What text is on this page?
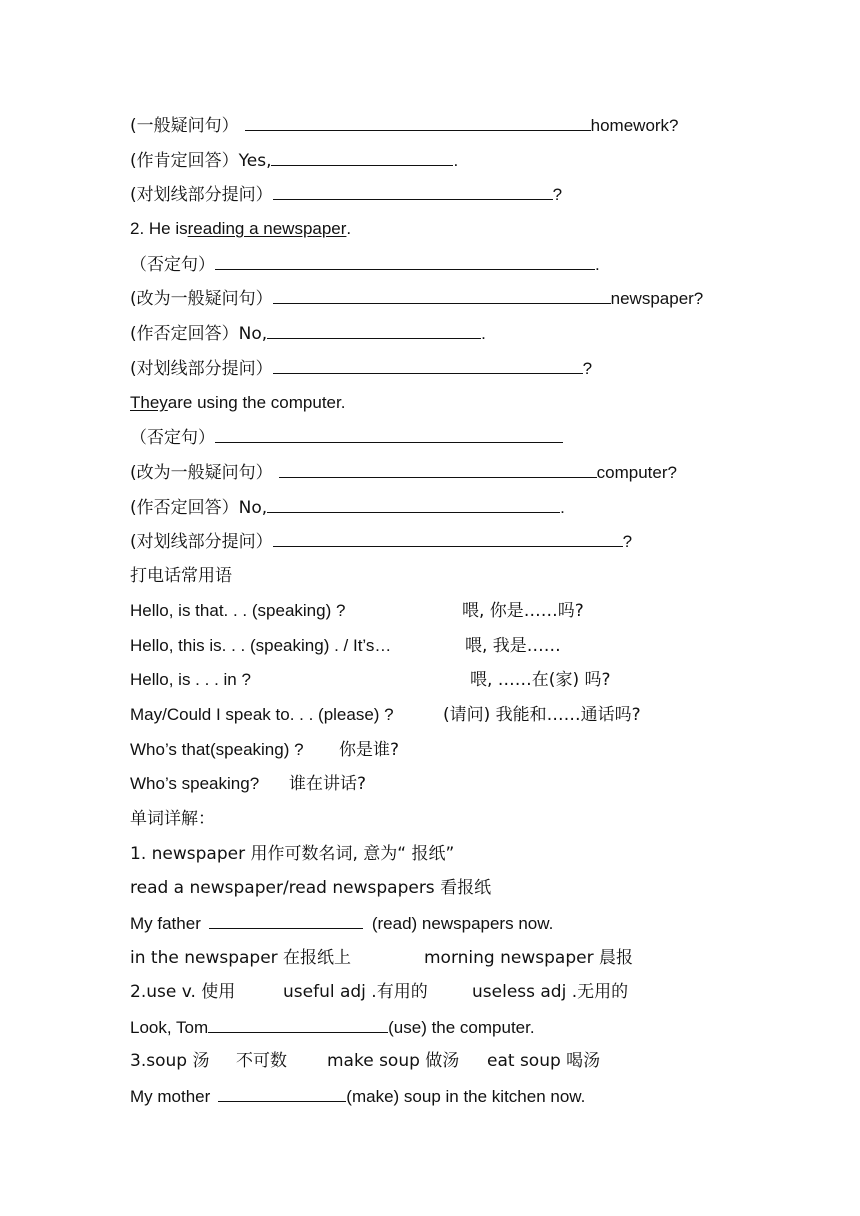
(一般疑问句）	homework?
(作肯定回答）Yes,	.
(对划线部分提问）	?
2. He isreading a newspaper.
（否定句）	.
(改为一般疑问句）	newspaper?
(作否定回答）No,	.
(对划线部分提问）	?
Theyare using the computer.
（否定句）
(改为一般疑问句）	computer?
(作否定回答）No,	.
(对划线部分提问）	?
打电话常用语
Hello, is that. . . (speaking) ?	喂, 你是……吗?
Hello, this is. . . (speaking) . / It’s…	喂, 我是……
Hello, is . . . in ?	喂, ……在(家) 吗?
May/Could I speak to. . . (please) ?	(请问) 我能和……通话吗?
Who’s that(speaking) ? 你是谁?
Who’s speaking? 谁在讲话?
单词详解：
1. newspaper 用作可数名词, 意为“ 报纸”
read a newspaper/read newspapers 看报纸
My father	(read) newspapers now.
in the newspaper 在报纸上	morning newspaper 晨报
2.use v. 使用	useful adj .有用的	useless adj .无用的
Look, Tom	(use) the computer.
3.soup 汤 不可数 make soup 做汤 eat soup 喝汤
My mother	(make) soup in the kitchen now.
